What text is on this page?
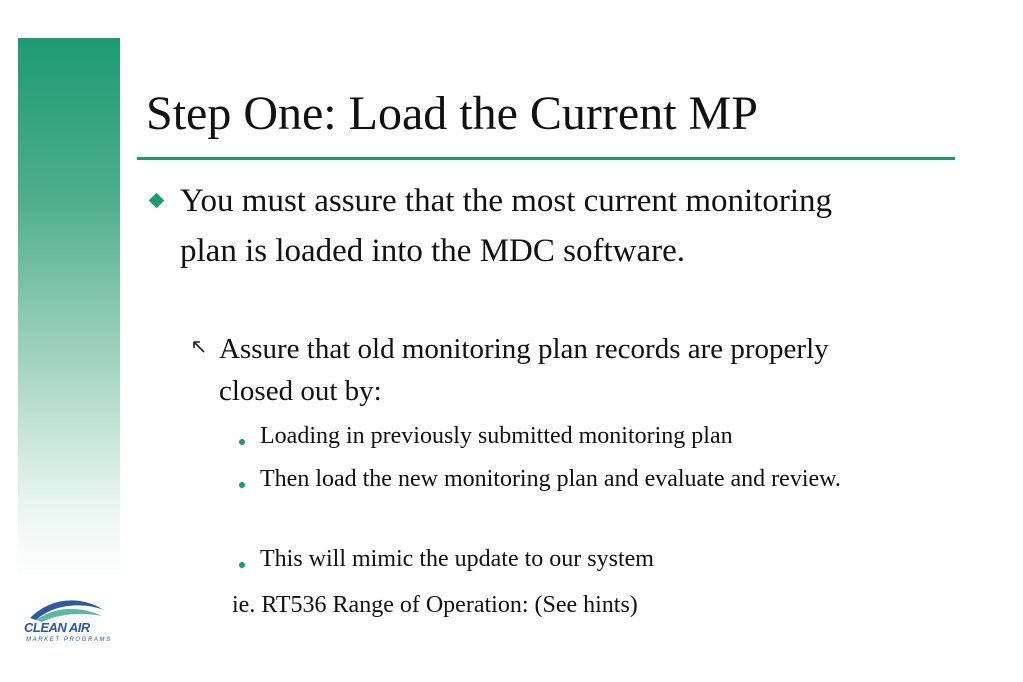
Step One: Load the Current MP
You must assure that the most current monitoring plan is loaded into the MDC software.
Assure that old monitoring plan records are properly closed out by:
Loading in previously submitted monitoring plan
Then load the new monitoring plan and evaluate and review.
This will mimic the update to our system
ie. RT536 Range of Operation: (See hints)
CLEAN AIR
MARKET PROGRAMS
